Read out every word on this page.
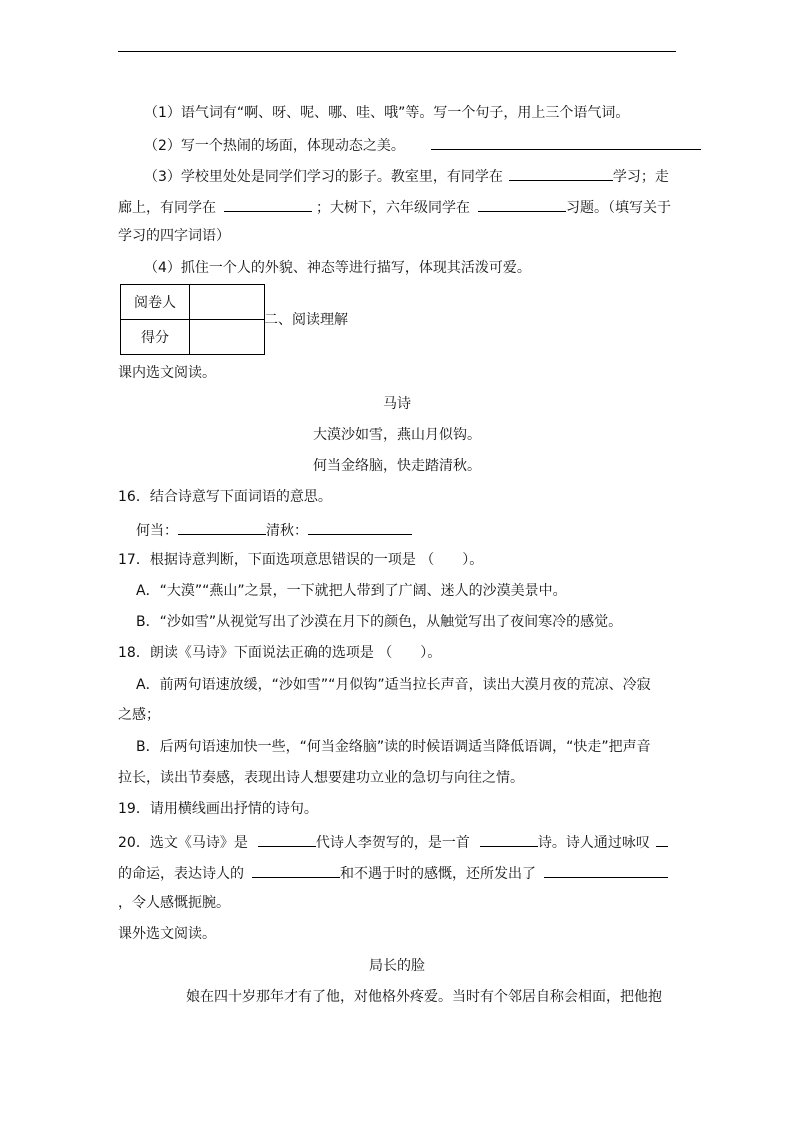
（1）语气词有“啊、呀、呢、哪、哇、哦”等。写一个句子，用上三个语气词。
（2）写一个热闹的场面，体现动态之美。
（3）学校里处处是同学们学习的影子。教室里，有同学在	学习；走
廊上，有同学在	；大树下，六年级同学在	习题。（填写关于
学习的四字词语）
（4）抓住一个人的外貌、神态等进行描写，体现其活泼可爱。
阅卷人	
得分	
二、阅读理解
课内选文阅读。
马诗
大漠沙如雪，燕山月似钩。
何当金络脑，快走踏清秋。
16．结合诗意写下面词语的意思。
何当：	清秋：
17．根据诗意判断，下面选项意思错误的一项是 （　　）。
A．“大漠”“燕山”之景，一下就把人带到了广阔、迷人的沙漠美景中。
B．“沙如雪”从视觉写出了沙漠在月下的颜色，从触觉写出了夜间寒冷的感觉。
18．朗读《马诗》下面说法正确的选项是 （　　）。
A．前两句语速放缓，“沙如雪”“月似钩”适当拉长声音，读出大漠月夜的荒凉、冷寂
之感；
B．后两句语速加快一些，“何当金络脑”读的时候语调适当降低语调，“快走”把声音
拉长，读出节奏感，表现出诗人想要建功立业的急切与向往之情。
19．请用横线画出抒情的诗句。
20．选文《马诗》是	代诗人李贺写的，是一首	诗。诗人通过咏叹
的命运，表达诗人的	和不遇于时的感慨，还所发出了
，令人感慨扼腕。
课外选文阅读。
局长的脸
娘在四十岁那年才有了他，对他格外疼爱。当时有个邻居自称会相面，把他抱
